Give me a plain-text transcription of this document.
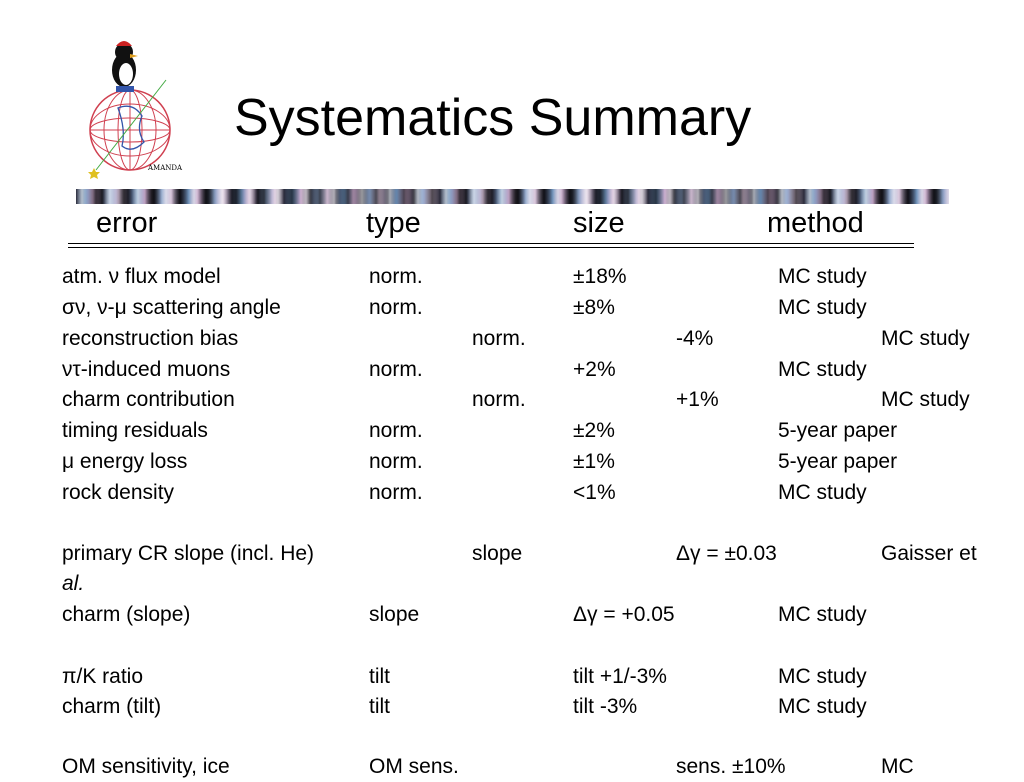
AMANDA
Systematics Summary
error	type	size	method
atm. ν flux model	norm.	±18%	MC study
σν, ν-μ scattering angle	norm.	±8%	MC study
reconstruction bias	norm.	-4%	MC study
ντ-induced muons	norm.	+2%	MC study
charm contribution	norm.	+1%	MC study
timing residuals	norm.	±2%	5-year paper
μ energy loss	norm.	±1%	5-year paper
rock density	norm.	<1%	MC study
primary CR slope (incl. He)	slope	Δγ = ±0.03	Gaisser et
al.
charm (slope)	slope	Δγ = +0.05	MC study
π/K ratio	tilt	tilt +1/-3%	MC study
charm (tilt)	tilt	tilt -3%	MC study
OM sensitivity, ice	OM sens.	sens. ±10%	MC
